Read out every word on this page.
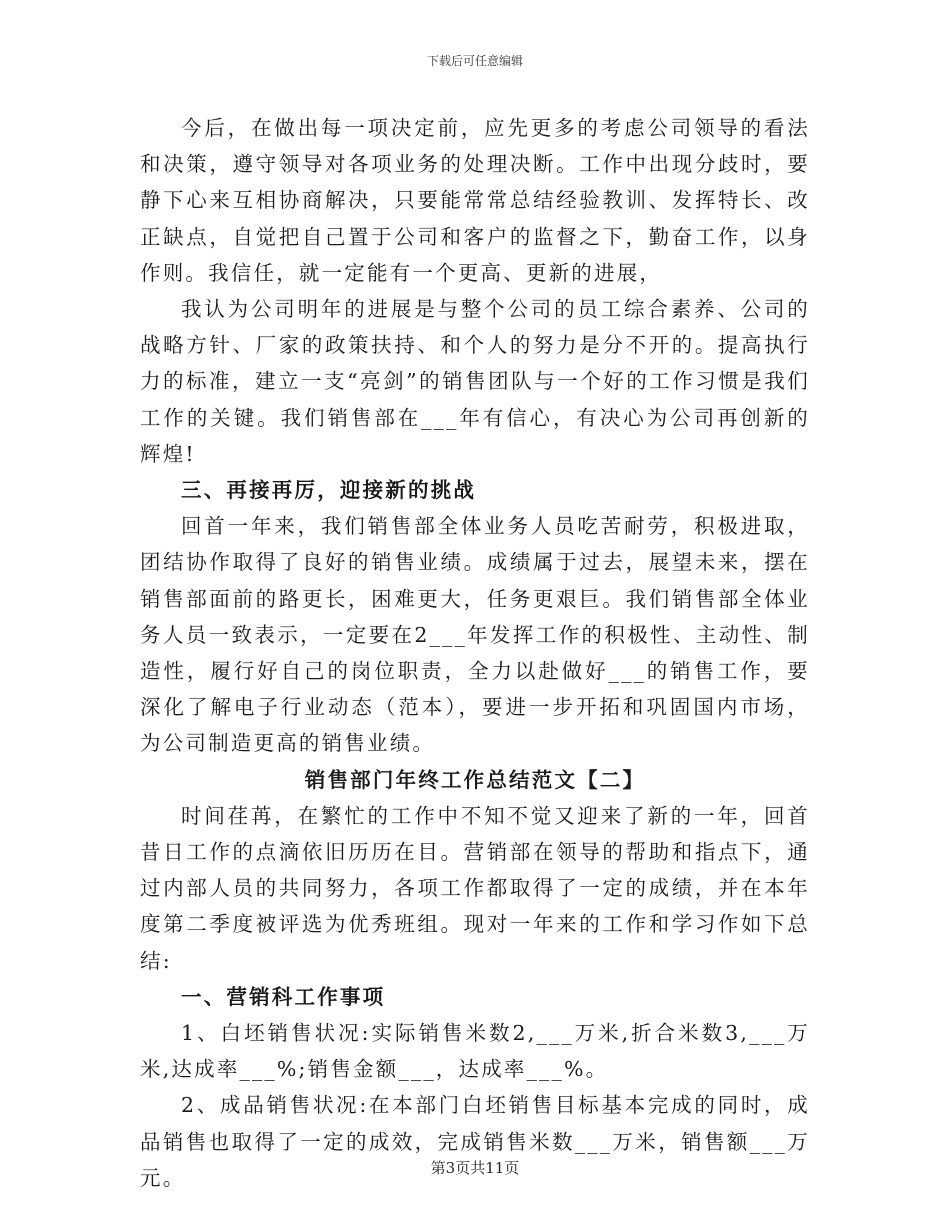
下载后可任意编辑

今后，在做出每一项决定前，应先更多的考虑公司领导的看法和决策，遵守领导对各项业务的处理决断。工作中出现分歧时，要静下心来互相协商解决，只要能常常总结经验教训、发挥特长、改正缺点，自觉把自己置于公司和客户的监督之下，勤奋工作，以身作则。我信任，就一定能有一个更高、更新的进展，

我认为公司明年的进展是与整个公司的员工综合素养、公司的战略方针、厂家的政策扶持、和个人的努力是分不开的。提高执行力的标准，建立一支“亮剑”的销售团队与一个好的工作习惯是我们工作的关键。我们销售部在___年有信心，有决心为公司再创新的辉煌!

三、再接再厉，迎接新的挑战

回首一年来，我们销售部全体业务人员吃苦耐劳，积极进取，团结协作取得了良好的销售业绩。成绩属于过去，展望未来，摆在销售部面前的路更长，困难更大，任务更艰巨。我们销售部全体业务人员一致表示，一定要在2___年发挥工作的积极性、主动性、制造性，履行好自己的岗位职责，全力以赴做好___的销售工作，要深化了解电子行业动态（范本），要进一步开拓和巩固国内市场，为公司制造更高的销售业绩。

销售部门年终工作总结范文【二】

时间荏苒，在繁忙的工作中不知不觉又迎来了新的一年，回首昔日工作的点滴依旧历历在目。营销部在领导的帮助和指点下，通过内部人员的共同努力，各项工作都取得了一定的成绩，并在本年度第二季度被评选为优秀班组。现对一年来的工作和学习作如下总结:

一、营销科工作事项

1、白坯销售状况:实际销售米数2,___万米,折合米数3,___万米,达成率___%;销售金额___，达成率___%。

2、成品销售状况:在本部门白坯销售目标基本完成的同时，成品销售也取得了一定的成效，完成销售米数___万米，销售额___万元。	第3页共11页
